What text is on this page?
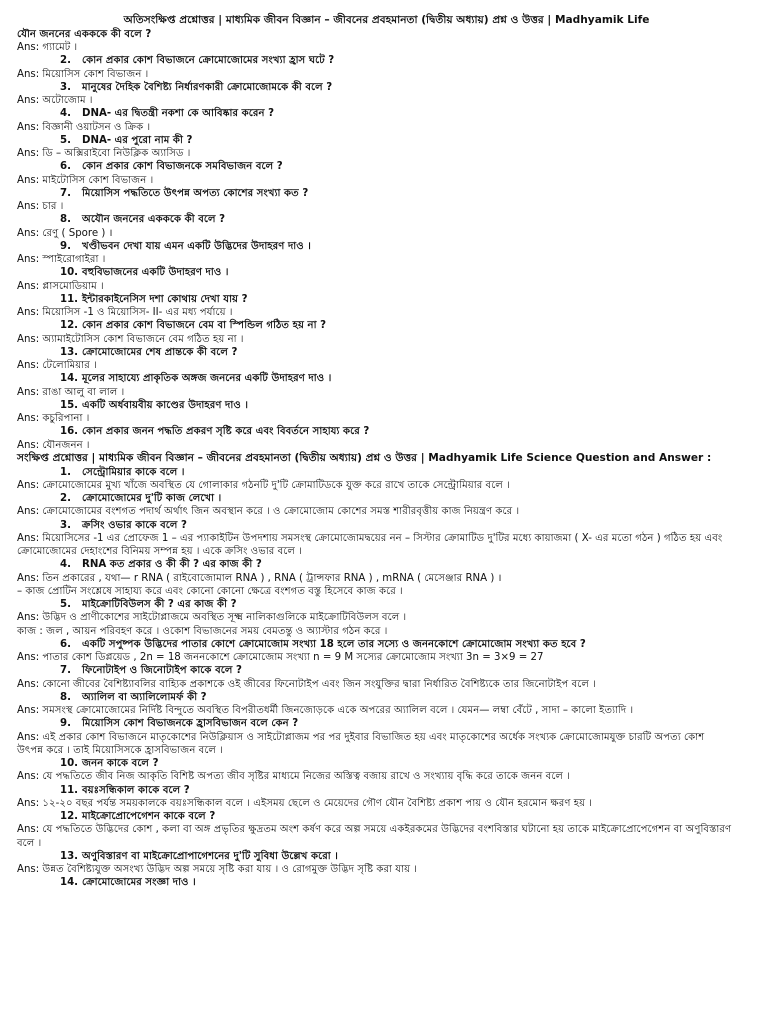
অতিসংক্ষিপ্ত প্রশ্নোত্তর | মাধ্যমিক জীবন বিজ্ঞান – জীবনের প্রবহমানতা (দ্বিতীয় অধ্যায়) প্রশ্ন ও উত্তর | Madhyamik Life
যৌন জননের একককে কী বলে ?
Ans: গ্যামেট ।
2. কোন প্রকার কোশ বিভাজনে ক্রোমোজোমের সংখ্যা হ্রাস ঘটে ?
Ans: মিয়োসিস কোশ বিভাজন ।
3. মানুষের দৈহিক বৈশিষ্ট্য নির্ধারণকারী ক্রোমোজোমকে কী বলে ?
Ans: অটোজোম ।
4. DNA- এর দ্বিতন্ত্রী নকশা কে আবিষ্কার করেন ?
Ans: বিজ্ঞানী ওয়াটসন ও ক্রিক ।
5. DNA- এর পুরো নাম কী ?
Ans: ডি – অক্সিরাইবো নিউক্লিক অ্যাসিড ।
6. কোন প্রকার কোশ বিভাজনকে সমবিভাজন বলে ?
Ans: মাইটোসিস কোশ বিভাজন ।
7. মিয়োসিস পদ্ধতিতে উৎপন্ন অপত্য কোশের সংখ্যা কত ?
Ans: চার ।
8. অযৌন জননের একককে কী বলে ?
Ans: রেণু ( Spore ) ।
9. খণ্ডীভবন দেখা যায় এমন একটি উদ্ভিদের উদাহরণ দাও ।
Ans: স্পাইরোগাইরা ।
10. বহুবিভাজনের একটি উদাহরণ দাও ।
Ans: প্লাসমোডিয়াম ।
11. ইন্টারকাইনেসিস দশা কোথায় দেখা যায় ?
Ans: মিয়োসিস -1 ও মিয়োসিস- II- এর মধ্য পর্যায়ে ।
12. কোন প্রকার কোশ বিভাজনে বেম বা স্পিন্ডিল গঠিত হয় না ?
Ans: অ্যামাইটোসিস কোশ বিভাজনে বেম গঠিত হয় না ।
13. ক্রোমোজোমের শেষ প্রান্তকে কী বলে ?
Ans: টেলোমিয়ার ।
14. মূলের সাহায্যে প্রাকৃতিক অঙ্গজ জননের একটি উদাহরণ দাও ।
Ans: রাঙা আলু বা লাল ।
15. একটি অর্ধবায়বীয় কাণ্ডের উদাহরণ দাও ।
Ans: কচুরিপানা ।
16. কোন প্রকার জনন পদ্ধতি প্রকরণ সৃষ্টি করে এবং বিবর্তনে সাহায্য করে ?
Ans: যৌনজনন ।
সংক্ষিপ্ত প্রশ্নোত্তর | মাধ্যমিক জীবন বিজ্ঞান – জীবনের প্রবহমানতা (দ্বিতীয় অধ্যায়) প্রশ্ন ও উত্তর | Madhyamik Life Science Question and Answer :
1. সেন্ট্রোমিয়ার কাকে বলে ।
Ans: ক্রোমোজোমের মুখ্য খাঁজে অবস্থিত যে গোলাকার গঠনটি দু'টি ক্রোমাটিডকে যুক্ত করে রাখে তাকে সেন্ট্রোমিয়ার বলে ।
2. ক্রোমোজোমের দু'টি কাজ লেখো ।
Ans: ক্রোমোজোমের বংশগত পদার্থ অর্থাৎ জিন অবস্থান করে । ও ক্রোমোজোম কোশের সমস্ত শারীরবৃত্তীয় কাজ নিয়ন্ত্রণ করে ।
3. ক্রসিং ওভার কাকে বলে ?
Ans: মিয়োসিসের -1 এর প্রোফেজ 1 – এর প্যাকাইটিন উপদশায় সমসংস্থ ক্রোমোজোমদ্বয়ের নন – সিস্টার ক্রোমাটিড দু'টির মধ্যে কায়াজমা ( X- এর মতো গঠন ) গঠিত হয় এবং
ক্রোমোজোমের দেহাংশের বিনিময় সম্পন্ন হয় । একে ক্রসিং ওভার বলে ।
4. RNA কত প্রকার ও কী কী ? এর কাজ কী ?
Ans: তিন প্রকারের , যথা— r RNA ( রাইবোজোমাল RNA ) , RNA ( ট্রান্সফার RNA ) , mRNA ( মেসেঞ্জার RNA ) ।
– কাজ প্রোটিন সংশ্লেষে সাহায্য করে এবং কোনো কোনো ক্ষেত্রে বংশগত বস্তু হিসেবে কাজ করে ।
5. মাইক্রোটিবিউলস কী ? এর কাজ কী ?
Ans: উদ্ভিদ ও প্রাণীকোশের সাইটোপ্লাজমে অবস্থিত সূক্ষ্ম নালিকাগুলিকে মাইক্রোটিবিউলস বলে ।
কাজ : জল , আয়ন পরিবহণ করে । ওকোশ বিভাজনের সময় বেমতন্তু ও অ্যাস্টার গঠন করে ।
6. একটি সপুষ্পক উদ্ভিদের পাতার কোশে ক্রোমোজোম সংখ্যা 18 হলে তার সস্যে ও জননকোশে ক্রোমোজোম সংখ্যা কত হবে ?
Ans: পাতার কোশ ডিপ্লয়েড , 2n = 18 জননকোশে ক্রোমোজোম সংখ্যা n = 9 M সস্যের ক্রোমোজোম সংখ্যা 3n = 3×9 = 27
7. ফিনোটাইপ ও জিনোটাইপ কাকে বলে ?
Ans: কোনো জীবের বৈশিষ্ট্যাবলির বাহ্যিক প্রকাশকে ওই জীবের ফিনোটাইপ এবং জিন সংযুক্তির দ্বারা নির্ধারিত বৈশিষ্ট্যকে তার জিনোটাইপ বলে ।
8. অ্যালিল বা অ্যালিলোমর্ফ কী ?
Ans: সমসংস্থ ক্রোমোজোমের নির্দিষ্ট বিন্দুতে অবস্থিত বিপরীতধর্মী জিনজোড়কে একে অপরের অ্যালিল বলে । যেমন— লম্বা বেঁটে , সাদা – কালো ইত্যাদি ।
9. মিয়োসিস কোশ বিভাজনকে হ্রাসবিভাজন বলে কেন ?
Ans: এই প্রকার কোশ বিভাজনে মাতৃকোশের নিউক্লিয়াস ও সাইটোপ্লাজম পর পর দুইবার বিভাজিত হয় এবং মাতৃকোশের অর্ধেক সংখ্যক ক্রোমোজোমযুক্ত চারটি অপত্য কোশ
উৎপন্ন করে । তাই মিয়োসিসকে হ্রাসবিভাজন বলে ।
10. জনন কাকে বলে ?
Ans: যে পদ্ধতিতে জীব নিজ আকৃতি বিশিষ্ট অপত্য জীব সৃষ্টির মাধ্যমে নিজের অস্তিত্ব বজায় রাখে ও সংখ্যায় বৃদ্ধি করে তাকে জনন বলে ।
11. বয়ঃসন্ধিকাল কাকে বলে ?
Ans: ১২-২০ বছর পর্যন্ত সময়কালকে বয়ঃসন্ধিকাল বলে । এইসময় ছেলে ও মেয়েদের গৌণ যৌন বৈশিষ্ট্য প্রকাশ পায় ও যৌন হরমোন ক্ষরণ হয় ।
12. মাইক্রোপ্রোপেগেশন কাকে বলে ?
Ans: যে পদ্ধতিতে উদ্ভিদের কোশ , কলা বা অঙ্গ প্রভৃতির ক্ষুদ্রতম অংশ কর্ষণ করে অল্প সময়ে একইরকমের উদ্ভিদের বংশবিস্তার ঘটানো হয় তাকে মাইক্রোপ্রোপেগেশন বা অণুবিস্তারণ
বলে ।
13. অণুবিস্তারণ বা মাইক্রোপ্রোপাগেশনের দু'টি সুবিধা উল্লেখ করো ।
Ans: উন্নত বৈশিষ্ট্যযুক্ত অসংখ্য উদ্ভিদ অল্প সময়ে সৃষ্টি করা যায় । ও রোগমুক্ত উদ্ভিদ সৃষ্টি করা যায় ।
14. ক্রোমোজোমের সংজ্ঞা দাও ।
